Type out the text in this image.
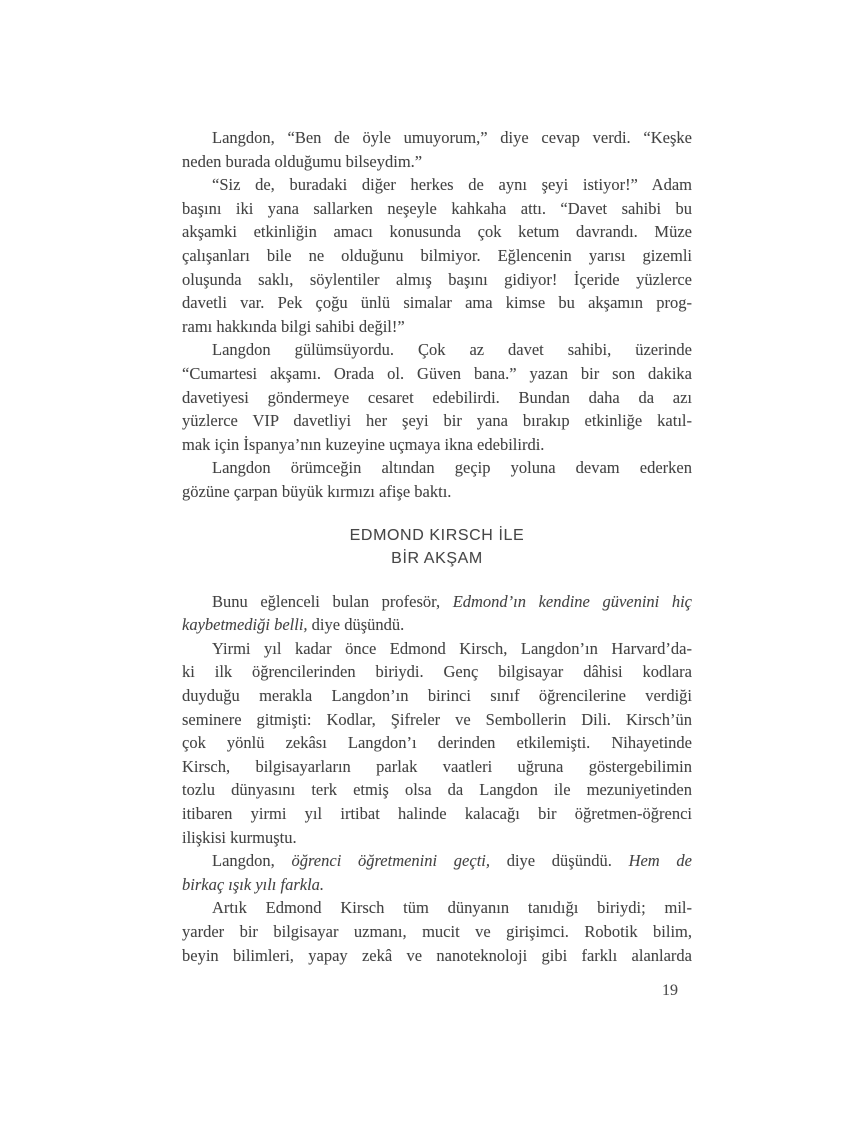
Langdon, “Ben de öyle umuyorum,” diye cevap verdi. “Keşke
neden burada olduğumu bilseydim.”
“Siz de, buradaki diğer herkes de aynı şeyi istiyor!” Adam
başını iki yana sallarken neşeyle kahkaha attı. “Davet sahibi bu
akşamki etkinliğin amacı konusunda çok ketum davrandı. Müze
çalışanları bile ne olduğunu bilmiyor. Eğlencenin yarısı gizemli
oluşunda saklı, söylentiler almış başını gidiyor! İçeride yüzlerce
davetli var. Pek çoğu ünlü simalar ama kimse bu akşamın prog-
ramı hakkında bilgi sahibi değil!”
Langdon gülümsüyordu. Çok az davet sahibi, üzerinde
“Cumartesi akşamı. Orada ol. Güven bana.” yazan bir son dakika
davetiyesi göndermeye cesaret edebilirdi. Bundan daha da azı
yüzlerce VIP davetliyi her şeyi bir yana bırakıp etkinliğe katıl-
mak için İspanya’nın kuzeyine uçmaya ikna edebilirdi.
Langdon örümceğin altından geçip yoluna devam ederken
gözüne çarpan büyük kırmızı afişe baktı.
EDMOND KIRSCH İLE
BİR AKŞAM
Bunu eğlenceli bulan profesör, Edmond’ın kendine güvenini hiç
kaybetmediği belli, diye düşündü.
Yirmi yıl kadar önce Edmond Kirsch, Langdon’ın Harvard’da-
ki ilk öğrencilerinden biriydi. Genç bilgisayar dâhisi kodlara
duyduğu merakla Langdon’ın birinci sınıf öğrencilerine verdiği
seminere gitmişti: Kodlar, Şifreler ve Sembollerin Dili. Kirsch’ün
çok yönlü zekâsı Langdon’ı derinden etkilemişti. Nihayetinde
Kirsch, bilgisayarların parlak vaatleri uğruna göstergebilimin
tozlu dünyasını terk etmiş olsa da Langdon ile mezuniyetinden
itibaren yirmi yıl irtibat halinde kalacağı bir öğretmen-öğrenci
ilişkisi kurmuştu.
Langdon, öğrenci öğretmenini geçti, diye düşündü. Hem de
birkaç ışık yılı farkla.
Artık Edmond Kirsch tüm dünyanın tanıdığı biriydi; mil-
yarder bir bilgisayar uzmanı, mucit ve girişimci. Robotik bilim,
beyin bilimleri, yapay zekâ ve nanoteknoloji gibi farklı alanlarda
19
